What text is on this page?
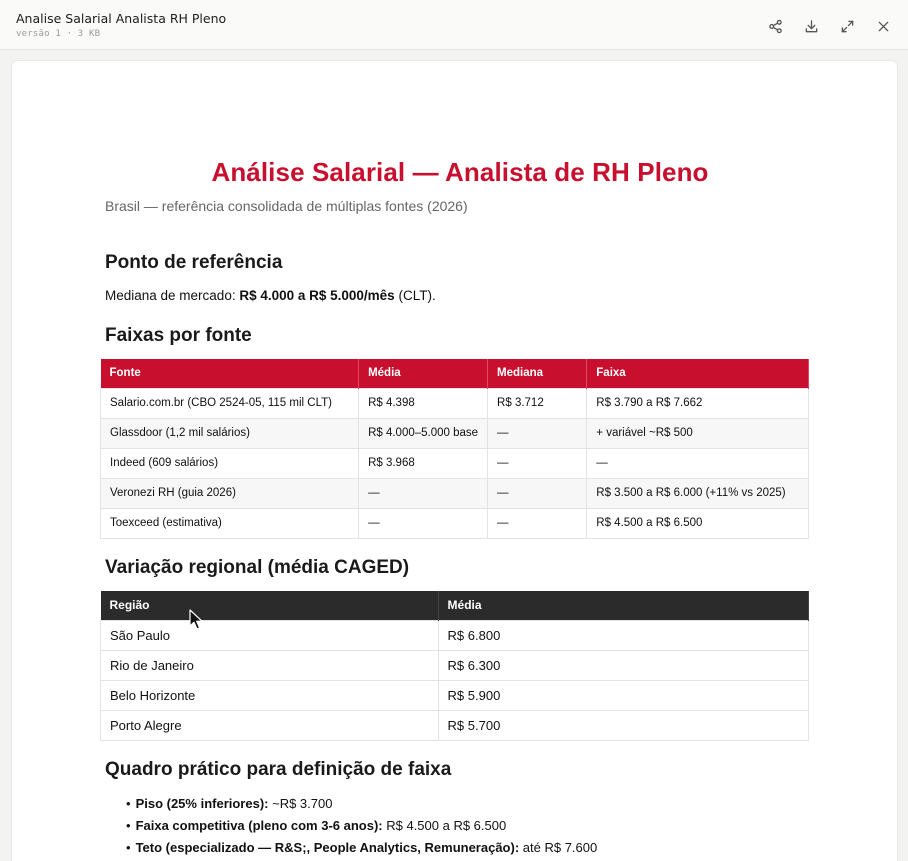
Analise Salarial Analista RH Pleno
versão 1 · 3 KB
Análise Salarial — Analista de RH Pleno
Brasil — referência consolidada de múltiplas fontes (2026)
Ponto de referência
Mediana de mercado: R$ 4.000 a R$ 5.000/mês (CLT).
Faixas por fonte
Fonte	Média	Mediana	Faixa
Salario.com.br (CBO 2524-05, 115 mil CLT)	R$ 4.398	R$ 3.712	R$ 3.790 a R$ 7.662
Glassdoor (1,2 mil salários)	R$ 4.000–5.000 base	—	+ variável ~R$ 500
Indeed (609 salários)	R$ 3.968	—	—
Veronezi RH (guia 2026)	—	—	R$ 3.500 a R$ 6.000 (+11% vs 2025)
Toexceed (estimativa)	—	—	R$ 4.500 a R$ 6.500
Variação regional (média CAGED)
Região	Média
São Paulo	R$ 6.800
Rio de Janeiro	R$ 6.300
Belo Horizonte	R$ 5.900
Porto Alegre	R$ 5.700
Quadro prático para definição de faixa
• Piso (25% inferiores): ~R$ 3.700
• Faixa competitiva (pleno com 3-6 anos): R$ 4.500 a R$ 6.500
• Teto (especializado — R&S;, People Analytics, Remuneração): até R$ 7.600
